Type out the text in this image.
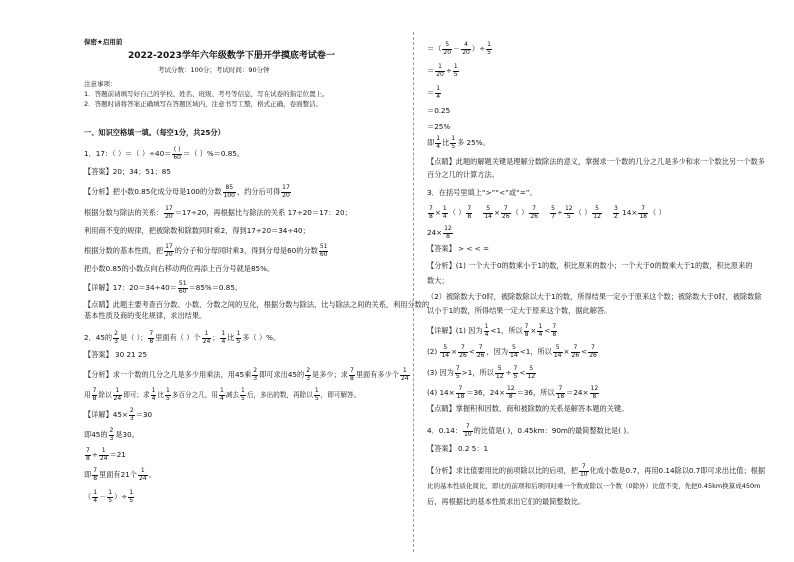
保密★启用前
2022-2023学年六年级数学下册开学摸底考试卷一
考试分数：100分；考试时间：90分钟
注意事项：
1．答题前请填写好自己的学校、姓名、班级、考号等信息，写在试卷的指定位置上。
2．答题时请将答案正确填写在答题区域内，注意书写工整，格式正确，卷面整洁。
一、知识空格填一填。（每空1分，共25分）
1．17：（ ）＝（ ）$\div 40= \frac{( )}{60}$ ＝（ ）%＝0.85。
【答案】20；34；51；85
【分析】把小数0.85化成分母是100的分数 $\frac{85}{100}$ ，约分后可得 $\frac{17}{20}$
根据分数与除法的关系： $\frac{17}{20} =17\div 20$，再根据比与除法的关系 17÷20＝17：20；
利用商不变的规律，把被除数和除数同时乘2，得到17÷20＝34÷40；
根据分数的基本性质，把 $\frac{17}{20}$ 的分子和分母同时乘3，得到分母是60的分数 $\frac{51}{60}$
把小数0.85的小数点向右移动两位再添上百分号就是85%。
【详解】17：$20=34\div 40= \frac{51}{60} =85\%=0.85$。
【点睛】此题主要考查百分数、小数、分数之间的互化，根据分数与除法、比与除法之间的关系，利用分数的
基本性质及商的变化规律，求出结果。
2．45的 $\frac{2}{3}$ 是（ ）； $\frac{7}{8}$ 里面有（ ）个 $\frac{1}{24}$ ； $\frac{1}{4}$ 比 $\frac{1}{5}$ 多（ ）%。
【答案】 30 21 25
【分析】求一个数的几分之几是多少用乘法，用45乘 $\frac{2}{3}$ 即可求出45的 $\frac{2}{3}$ 是多少；求 $\frac{7}{8}$ 里面有多少个 $\frac{1}{24}$
用 $\frac{7}{8}$ 除以 $\frac{1}{24}$ 即可；求 $\frac{1}{4}$ 比 $\frac{1}{5}$ 多百分之几，用 $\frac{1}{4}$ 减去 $\frac{1}{5}$ 后，多出的数，再除以 $\frac{1}{5}$ ，即可解答。
【详解】$45\times \frac{2}{3} =30$
即45的 $\frac{2}{3}$ 是30。
$\frac{7}{8} \div \frac{1}{24} =21$
即 $\frac{7}{8}$ 里面有21个 $\frac{1}{24}$ 。
（ $\frac{1}{4} - \frac{1}{5}$ ）÷ $\frac{1}{5}$
＝（ $\frac{5}{20} - \frac{4}{20}$ ）÷ $\frac{1}{5}$
＝ $\frac{1}{20} \div \frac{1}{5}$
＝ $\frac{1}{4}$
＝0.25
＝25%
即 $\frac{1}{4}$ 比 $\frac{1}{5}$ 多 25%。
【点睛】此题的解题关键是理解分数除法的意义，掌握求一个数的几分之几是多少和求一个数比另一个数多
百分之几的计算方法。
3．在括号里填上“>”“<”或“=”。
$\frac{7}{8} \times \frac{1}{4}$ （ ） $\frac{7}{8}$
$\frac{5}{14} \times \frac{7}{26}$ （ ） $\frac{7}{26}$
$\frac{5}{7} \div \frac{12}{5}$ （ ） $\frac{5}{12}$
$\frac{3}{2} 14\times \frac{7}{18}$ （ ）
$24\times \frac{12}{8}$
【答案】 > < < =
【分析】(1) 一个大于0的数乘小于1的数，积比原来的数小；一个大于0的数乘大于1的数，积比原来的
数大；
（2）被除数大于0时，被除数除以大于1的数，所得结果一定小于原来这个数；被除数大于0时，被除数除
以小于1的数，所得结果一定大于原来这个数，据此解答。
【详解】(1) 因为 $\frac{1}{4} <1$，所以 $\frac{7}{8} \times \frac{1}{4} < \frac{7}{8}$
$(2) \frac{5}{14} \times \frac{7}{26} < \frac{7}{26}$ ，因为 $\frac{5}{14} <1$，所以 $\frac{5}{14} \times \frac{7}{26} < \frac{7}{26}$
(3) 因为 $\frac{7}{5} >1$，所以 $\frac{5}{12} \div \frac{7}{5} < \frac{5}{12}$
(4) $14\times \frac{7}{18} =36$，$24\times \frac{12}{8} =36$，所以 $\frac{7}{18} =24\times \frac{12}{8}$
【点睛】掌握积和因数、商和被除数的关系是解答本题的关键。
4．0.14： $\frac{7}{10}$ 的比值是( )，0.45km：90m的最简整数比是( )。
【答案】 0.2 5：1
【分析】求比值要用比的前项除以比的后项，把 $\frac{7}{10}$ 化成小数是0.7，再用0.14除以0.7即可求出比值；根据
比的基本性质化简比，即比的前项和后项同时乘一个数或除以一个数（0除外）比值不变，先把0.45km换算成450m
后，再根据比的基本性质求出它们的最简整数比。
